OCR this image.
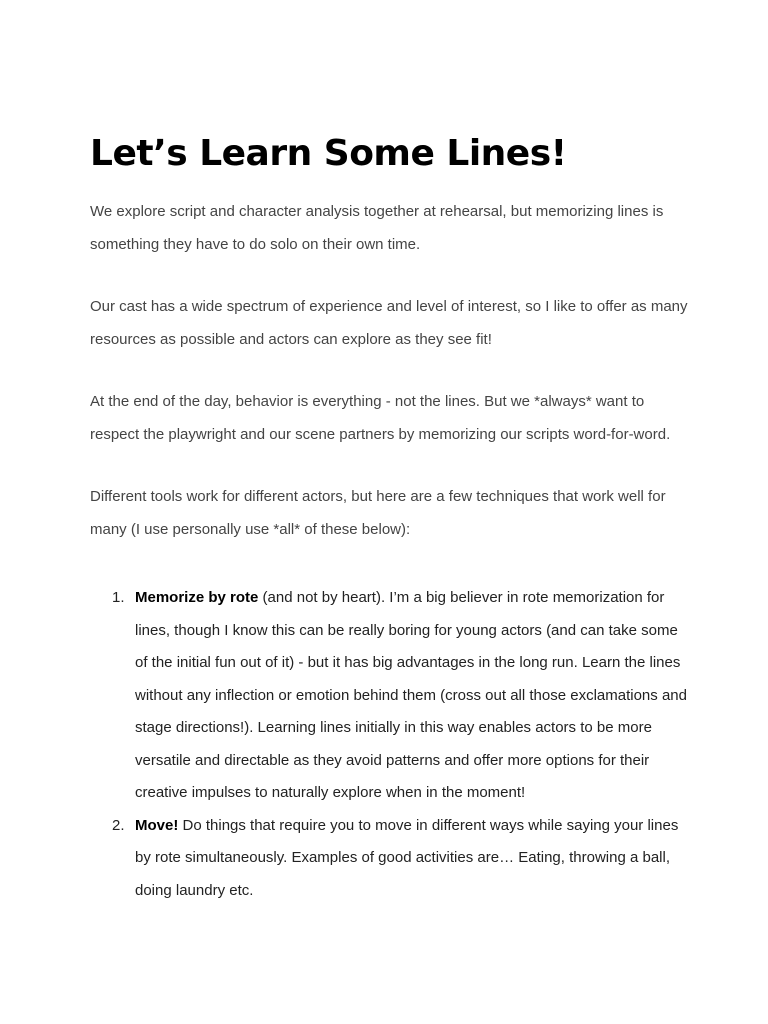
Let’s Learn Some Lines!

We explore script and character analysis together at rehearsal, but memorizing lines is something they have to do solo on their own time.

Our cast has a wide spectrum of experience and level of interest, so I like to offer as many resources as possible and actors can explore as they see fit!

At the end of the day, behavior is everything - not the lines. But we *always* want to respect the playwright and our scene partners by memorizing our scripts word-for-word.

Different tools work for different actors, but here are a few techniques that work well for many (I use personally use *all* of these below):

1. Memorize by rote (and not by heart). I’m a big believer in rote memorization for lines, though I know this can be really boring for young actors (and can take some of the initial fun out of it) - but it has big advantages in the long run. Learn the lines without any inflection or emotion behind them (cross out all those exclamations and stage directions!). Learning lines initially in this way enables actors to be more versatile and directable as they avoid patterns and offer more options for their creative impulses to naturally explore when in the moment!
2. Move! Do things that require you to move in different ways while saying your lines by rote simultaneously. Examples of good activities are… Eating, throwing a ball, doing laundry etc.
